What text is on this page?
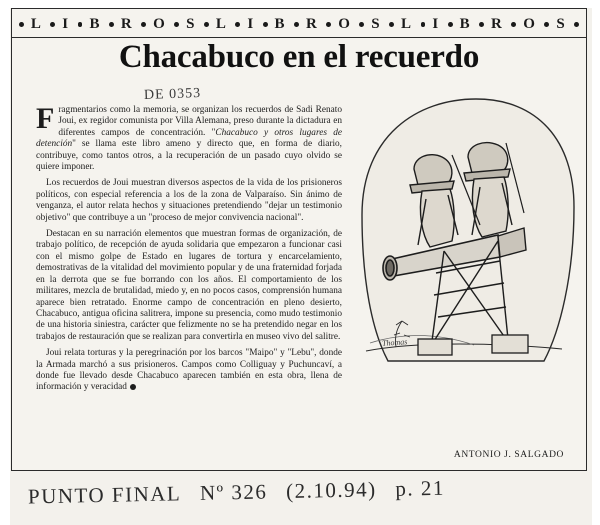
L I B R O S L I B R O S L I B R O S
Chacabuco en el recuerdo
DE 0353

Fragmentarios como la memoria, se organizan los recuerdos de Sadi Renato Joui, ex regidor comunista por Villa Alemana, preso durante la dictadura en diferentes campos de concentración. "Chacabuco y otros lugares de detención" se llama este libro ameno y directo que, en forma de diario, contribuye, como tantos otros, a la recuperación de un pasado cuyo olvido se quiere imponer.

Los recuerdos de Joui muestran diversos aspectos de la vida de los prisioneros políticos, con especial referencia a los de la zona de Valparaíso. Sin ánimo de venganza, el autor relata hechos y situaciones pretendiendo "dejar un testimonio objetivo" que contribuye a un "proceso de mejor convivencia nacional".

Destacan en su narración elementos que muestran formas de organización, de trabajo político, de recepción de ayuda solidaria que empezaron a funcionar casi con el mismo golpe de Estado en lugares de tortura y encarcelamiento, demostrativas de la vitalidad del movimiento popular y de una fraternidad forjada en la derrota que se fue borrando con los años. El comportamiento de los militares, mezcla de brutalidad, miedo y, en no pocos casos, comprensión humana aparece bien retratado. Enorme campo de concentración en pleno desierto, Chacabuco, antigua oficina salitrera, impone su presencia, como mudo testimonio de una historia siniestra, carácter que felizmente no se ha pretendido negar en los trabajos de restauración que se realizan para convertirla en museo vivo del salitre.

Joui relata torturas y la peregrinación por los barcos "Maipo" y "Lebu", donde la Armada marchó a sus prisioneros. Campos como Colliguay y Puchuncaví, a donde fue llevado desde Chacabuco aparecen también en esta obra, llena de información y veracidad

Thomas
ANTONIO J. SALGADO
PUNTO FINAL Nº 326 (2.10.94) p. 21
